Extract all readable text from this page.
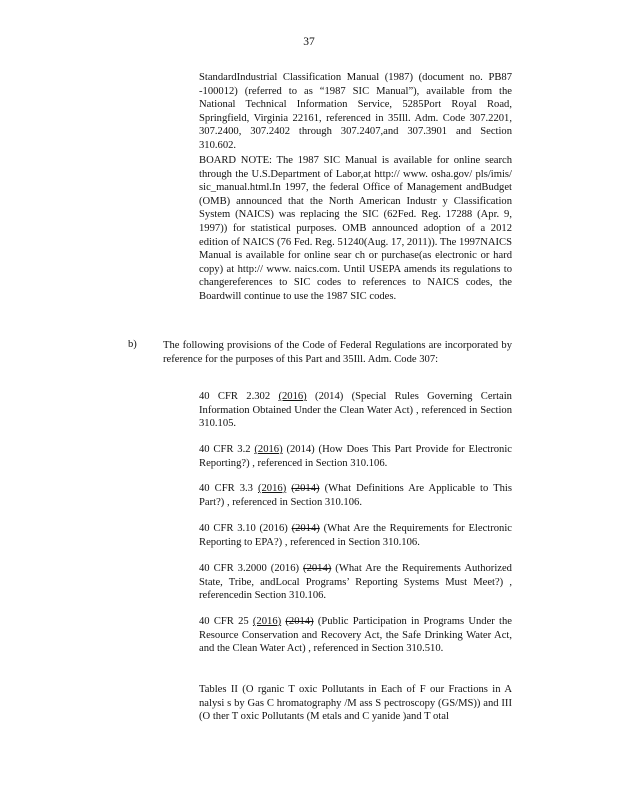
37
StandardIndustrial Classification Manual (1987) (document no. PB87 -100012) (referred to as “1987 SIC Manual”), available from the National Technical Information Service, 5285Port Royal Road, Springfield, Virginia 22161, referenced in 35Ill. Adm. Code 307.2201, 307.2400, 307.2402 through 307.2407,and 307.3901 and Section 310.602.
BOARD NOTE: The 1987 SIC Manual is available for online search through the U.S.Department of Labor,at http:// www. osha.gov/ pls/imis/ sic_manual.html.In 1997, the federal Office of Management andBudget (OMB) announced that the North American Industr y Classification System (NAICS) was replacing the SIC (62Fed. Reg. 17288 (Apr. 9, 1997)) for statistical purposes. OMB announced adoption of a 2012 edition of NAICS (76 Fed. Reg. 51240(Aug. 17, 2011)). The 1997NAICS Manual is available for online sear ch or purchase(as electronic or hard copy) at http:// www. naics.com. Until USEPA amends its regulations to changereferences to SIC codes to references to NAICS codes, the Boardwill continue to use the 1987 SIC codes.
b) The following provisions of the Code of Federal Regulations are incorporated by reference for the purposes of this Part and 35Ill. Adm. Code 307:
40 CFR 2.302 (2016) (2014) (Special Rules Governing Certain Information Obtained Under the Clean Water Act) , referenced in Section 310.105.
40 CFR 3.2 (2016) (2014) (How Does This Part Provide for Electronic Reporting?) , referenced in Section 310.106.
40 CFR 3.3 (2016) (2014) (What Definitions Are Applicable to This Part?) , referenced in Section 310.106.
40 CFR 3.10 (2016) (2014) (What Are the Requirements for Electronic Reporting to EPA?) , referenced in Section 310.106.
40 CFR 3.2000 (2016) (2014) (What Are the Requirements Authorized State, Tribe, andLocal Programs’ Reporting Systems Must Meet?) , referencedin Section 310.106.
40 CFR 25 (2016) (2014) (Public Participation in Programs Under the Resource Conservation and Recovery Act, the Safe Drinking Water Act, and the Clean Water Act) , referenced in Section 310.510.
Tables II (O rganic T oxic Pollutants in Each of F our Fractions in A nalysi s by Gas C hromatography /M ass S pectroscopy (GS/MS)) and III (O ther T oxic Pollutants (M etals and C yanide )and T otal
